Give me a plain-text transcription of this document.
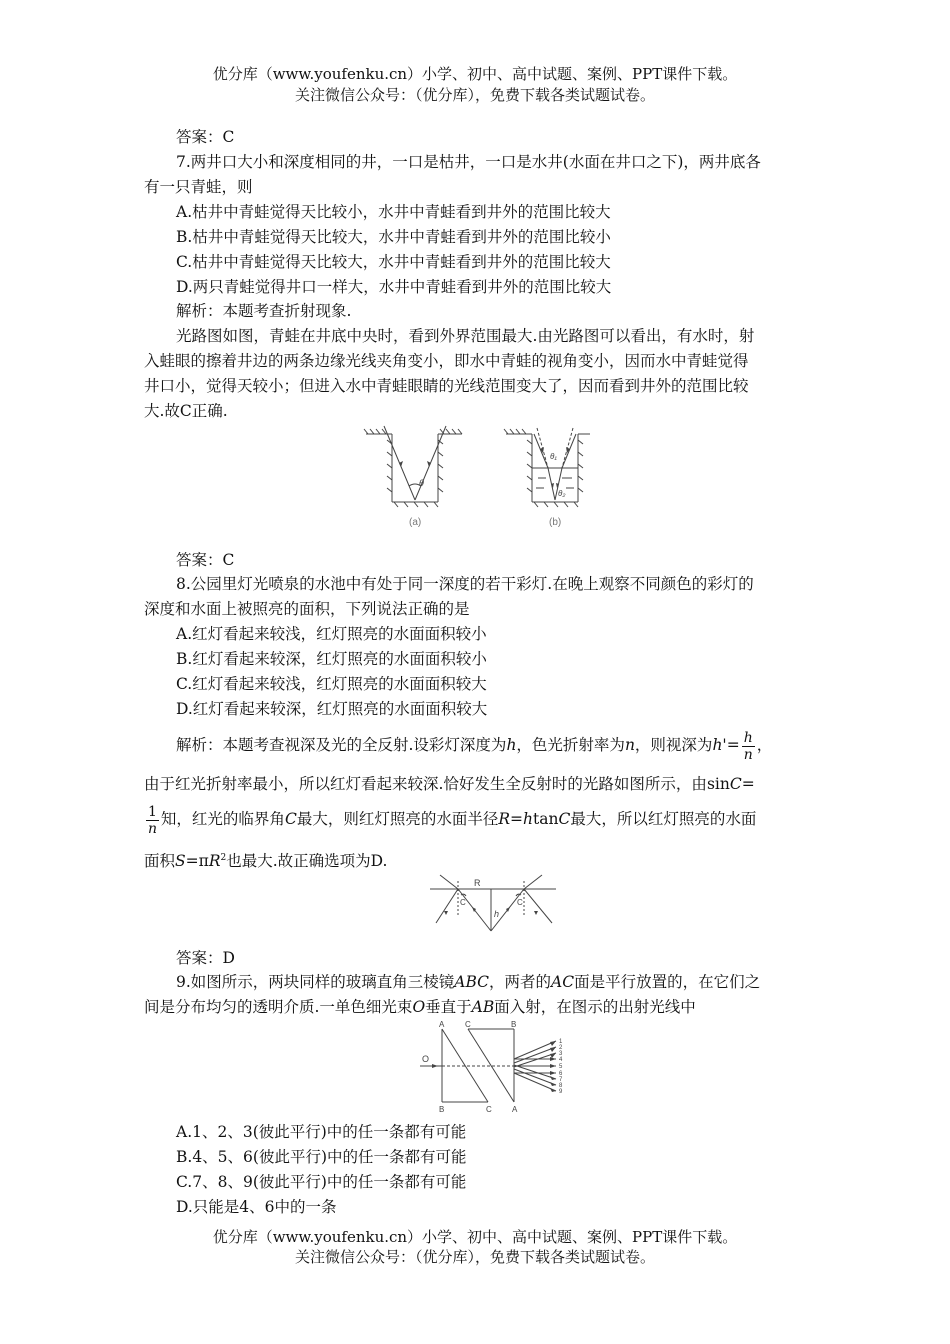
优分库（www.youfenku.cn）小学、初中、高中试题、案例、PPT课件下载。
关注微信公众号：（优分库），免费下载各类试题试卷。
答案：C
7.两井口大小和深度相同的井，一口是枯井，一口是水井(水面在井口之下)，两井底各
有一只青蛙，则
A.枯井中青蛙觉得天比较小，水井中青蛙看到井外的范围比较大
B.枯井中青蛙觉得天比较大，水井中青蛙看到井外的范围比较小
C.枯井中青蛙觉得天比较大，水井中青蛙看到井外的范围比较大
D.两只青蛙觉得井口一样大，水井中青蛙看到井外的范围比较大
解析：本题考查折射现象.
光路图如图，青蛙在井底中央时，看到外界范围最大.由光路图可以看出，有水时，射
入蛙眼的擦着井边的两条边缘光线夹角变小，即水中青蛙的视角变小，因而水中青蛙觉得
井口小，觉得天较小；但进入水中青蛙眼睛的光线范围变大了，因而看到井外的范围比较
大.故C正确.
θ
θ₁
θ₂
(a)	(b)
答案：C
8.公园里灯光喷泉的水池中有处于同一深度的若干彩灯.在晚上观察不同颜色的彩灯的
深度和水面上被照亮的面积，下列说法正确的是
A.红灯看起来较浅，红灯照亮的水面面积较小
B.红灯看起来较深，红灯照亮的水面面积较小
C.红灯看起来较浅，红灯照亮的水面面积较大
D.红灯看起来较深，红灯照亮的水面面积较大
解析：本题考查视深及光的全反射.设彩灯深度为h，色光折射率为n，则视深为$h'= \frac{h}{n}$ ，
由于红光折射率最小，所以红灯看起来较深.恰好发生全反射时的光路如图所示，由sinC=
$\frac{1}{n}$ 知，红光的临界角C最大，则红灯照亮的水面半径R=htanC最大，所以红灯照亮的水面
面积$S=\pi R^2$也最大.故正确选项为D.
R
h
C	C
答案：D
9.如图所示，两块同样的玻璃直角三棱镜ABC，两者的AC面是平行放置的，在它们之
间是分布均匀的透明介质.一单色细光束O垂直于AB面入射，在图示的出射光线中
O
A
B	C
C	B
A
1
2
3
4
5
6
7
8
9
A.1、2、3(彼此平行)中的任一条都有可能
B.4、5、6(彼此平行)中的任一条都有可能
C.7、8、9(彼此平行)中的任一条都有可能
D.只能是4、6中的一条
优分库（www.youfenku.cn）小学、初中、高中试题、案例、PPT课件下载。
关注微信公众号：（优分库），免费下载各类试题试卷。
